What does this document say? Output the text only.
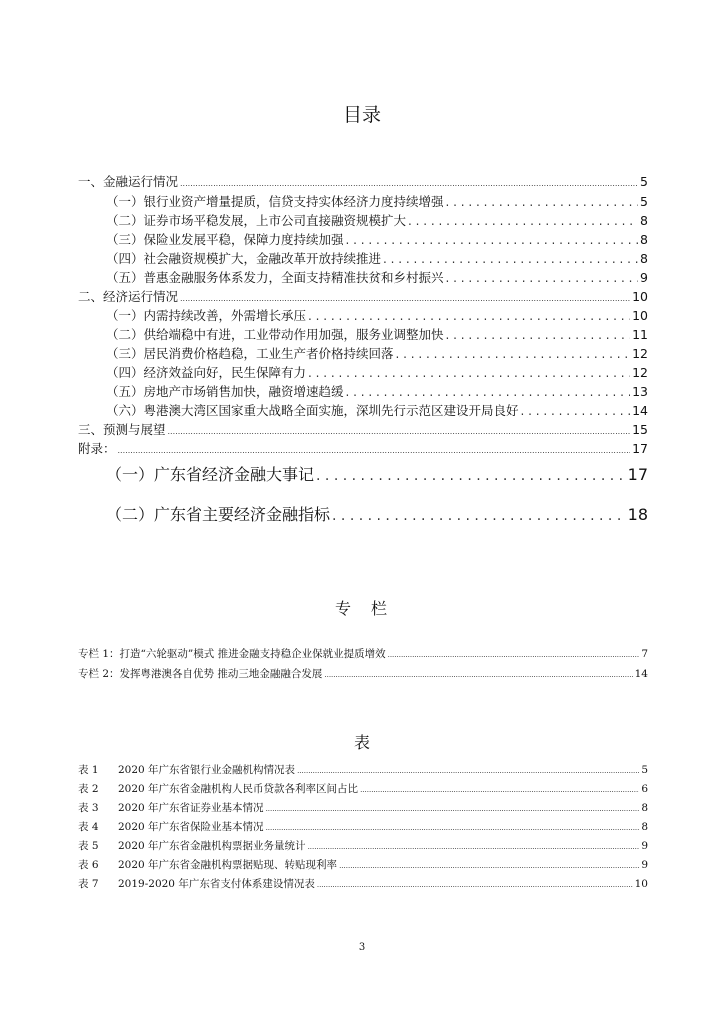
目录
一、金融运行情况 .....	5
（一）银行业资产增量提质，信贷支持实体经济力度持续增强 . . .	5
（二）证券市场平稳发展，上市公司直接融资规模扩大 . . .	8
（三）保险业发展平稳，保障力度持续加强 . . .	8
（四）社会融资规模扩大，金融改革开放持续推进 . . .	8
（五）普惠金融服务体系发力，全面支持精准扶贫和乡村振兴 . . .	9
二、经济运行情况 .....	10
（一）内需持续改善，外需增长承压 . . .	10
（二）供给端稳中有进，工业带动作用加强，服务业调整加快 . . .	11
（三）居民消费价格趋稳，工业生产者价格持续回落 . . .	12
（四）经济效益向好，民生保障有力 . . .	12
（五）房地产市场销售加快，融资增速趋缓 . . .	13
（六）粤港澳大湾区国家重大战略全面实施，深圳先行示范区建设开局良好 . . .	14
三、预测与展望 .....	15
附录： .....	17
（一）广东省经济金融大事记 . . .	17
（二）广东省主要经济金融指标 . . .	18
专　栏
专栏 1：打造“六轮驱动”模式 推进金融支持稳企业保就业提质增效 .....	7
专栏 2：发挥粤港澳各自优势 推动三地金融融合发展 .....	14
表
表 1 2020 年广东省银行业金融机构情况表 .....	5
表 2 2020 年广东省金融机构人民币贷款各利率区间占比 .....	6
表 3 2020 年广东省证券业基本情况 .....	8
表 4 2020 年广东省保险业基本情况 .....	8
表 5 2020 年广东省金融机构票据业务量统计 .....	9
表 6 2020 年广东省金融机构票据贴现、转贴现利率 .....	9
表 7 2019-2020 年广东省支付体系建设情况表 .....	10
3
